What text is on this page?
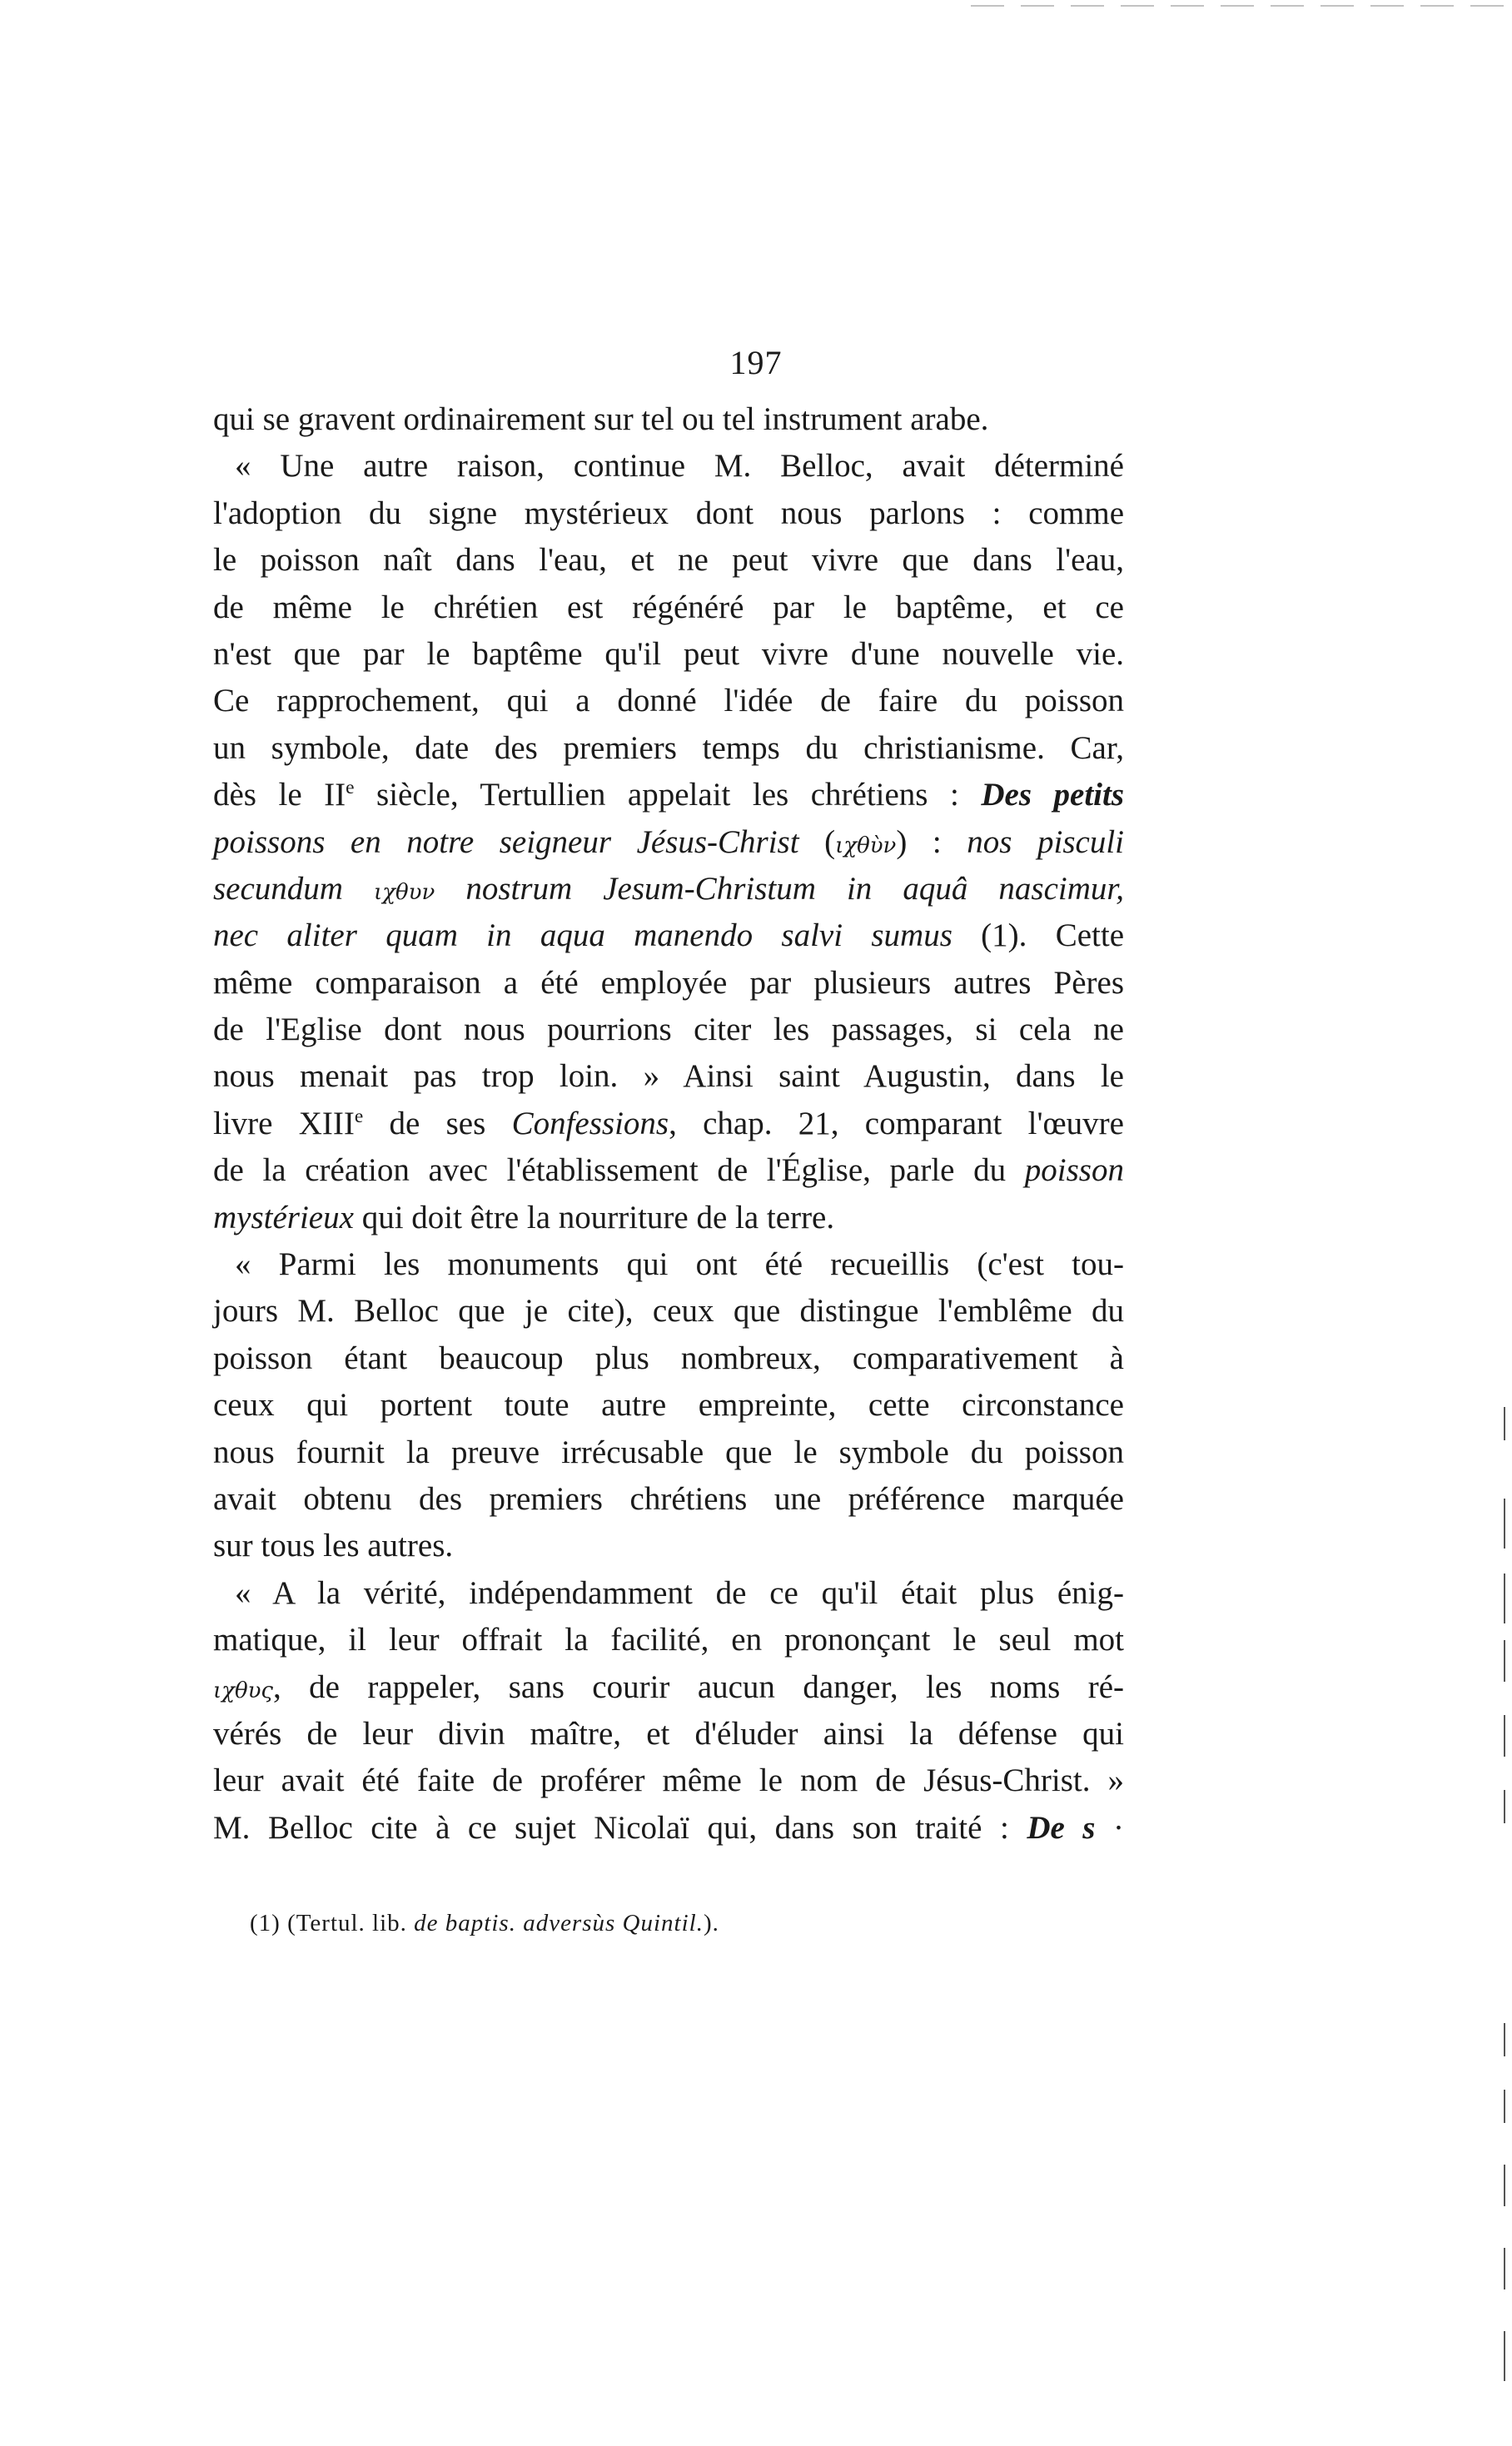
197
qui se gravent ordinairement sur tel ou tel instrument arabe.
« Une autre raison, continue M. Belloc, avait déterminé
l'adoption du signe mystérieux dont nous parlons : comme
le poisson naît dans l'eau, et ne peut vivre que dans l'eau,
de même le chrétien est régénéré par le baptême, et ce
n'est que par le baptême qu'il peut vivre d'une nouvelle vie.
Ce rapprochement, qui a donné l'idée de faire du poisson
un symbole, date des premiers temps du christianisme. Car,
dès le IIe siècle, Tertullien appelait les chrétiens : Des petits
poissons en notre seigneur Jésus-Christ (ιχθὺν) : nos pisculi
secundum ιχθυν nostrum Jesum-Christum in aquâ nascimur,
nec aliter quam in aqua manendo salvi sumus (1). Cette
même comparaison a été employée par plusieurs autres Pères
de l'Eglise dont nous pourrions citer les passages, si cela ne
nous menait pas trop loin. » Ainsi saint Augustin, dans le
livre XIIIe de ses Confessions, chap. 21, comparant l'œuvre
de la création avec l'établissement de l'Église, parle du poisson
mystérieux qui doit être la nourriture de la terre.
« Parmi les monuments qui ont été recueillis (c'est tou-
jours M. Belloc que je cite), ceux que distingue l'emblême du
poisson étant beaucoup plus nombreux, comparativement à
ceux qui portent toute autre empreinte, cette circonstance
nous fournit la preuve irrécusable que le symbole du poisson
avait obtenu des premiers chrétiens une préférence marquée
sur tous les autres.
« A la vérité, indépendamment de ce qu'il était plus énig-
matique, il leur offrait la facilité, en prononçant le seul mot
ιχθυς, de rappeler, sans courir aucun danger, les noms ré-
vérés de leur divin maître, et d'éluder ainsi la défense qui
leur avait été faite de proférer même le nom de Jésus-Christ. »
M. Belloc cite à ce sujet Nicolaï qui, dans son traité : De s ·
(1) (Tertul. lib. de baptis. adversùs Quintil.).
